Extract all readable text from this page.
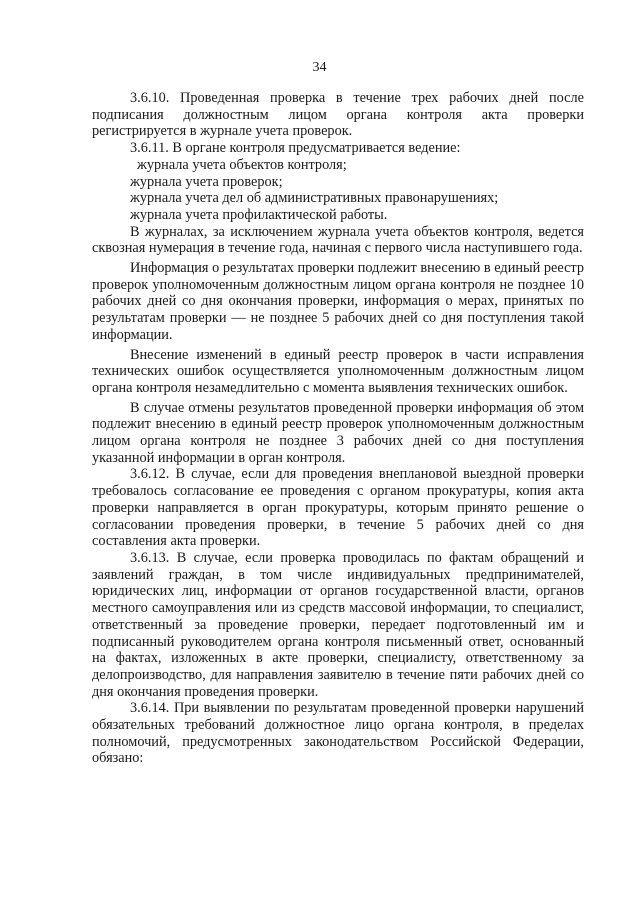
34

3.6.10. Проведенная проверка в течение трех рабочих дней после подписания должностным лицом органа контроля акта проверки регистрируется в журнале учета проверок.

3.6.11. В органе контроля предусматривается ведение:

журнала учета объектов контроля;

журнала учета проверок;

журнала учета дел об административных правонарушениях;

журнала учета профилактической работы.

В журналах, за исключением журнала учета объектов контроля, ведется сквозная нумерация в течение года, начиная с первого числа наступившего года.

Информация о результатах проверки подлежит внесению в единый реестр проверок уполномоченным должностным лицом органа контроля не позднее 10 рабочих дней со дня окончания проверки, информация о мерах, принятых по результатам проверки — не позднее 5 рабочих дней со дня поступления такой информации.

Внесение изменений в единый реестр проверок в части исправления технических ошибок осуществляется уполномоченным должностным лицом органа контроля незамедлительно с момента выявления технических ошибок.

В случае отмены результатов проведенной проверки информация об этом подлежит внесению в единый реестр проверок уполномоченным должностным лицом органа контроля не позднее 3 рабочих дней со дня поступления указанной информации в орган контроля.

3.6.12. В случае, если для проведения внеплановой выездной проверки требовалось согласование ее проведения с органом прокуратуры, копия акта проверки направляется в орган прокуратуры, которым принято решение о согласовании проведения проверки, в течение 5 рабочих дней со дня составления акта проверки.

3.6.13. В случае, если проверка проводилась по фактам обращений и заявлений граждан, в том числе индивидуальных предпринимателей, юридических лиц, информации от органов государственной власти, органов местного самоуправления или из средств массовой информации, то специалист, ответственный за проведение проверки, передает подготовленный им и подписанный руководителем органа контроля письменный ответ, основанный на фактах, изложенных в акте проверки, специалисту, ответственному за делопроизводство, для направления заявителю в течение пяти рабочих дней со дня окончания проведения проверки.

3.6.14. При выявлении по результатам проведенной проверки нарушений обязательных требований должностное лицо органа контроля, в пределах полномочий, предусмотренных законодательством Российской Федерации, обязано:
